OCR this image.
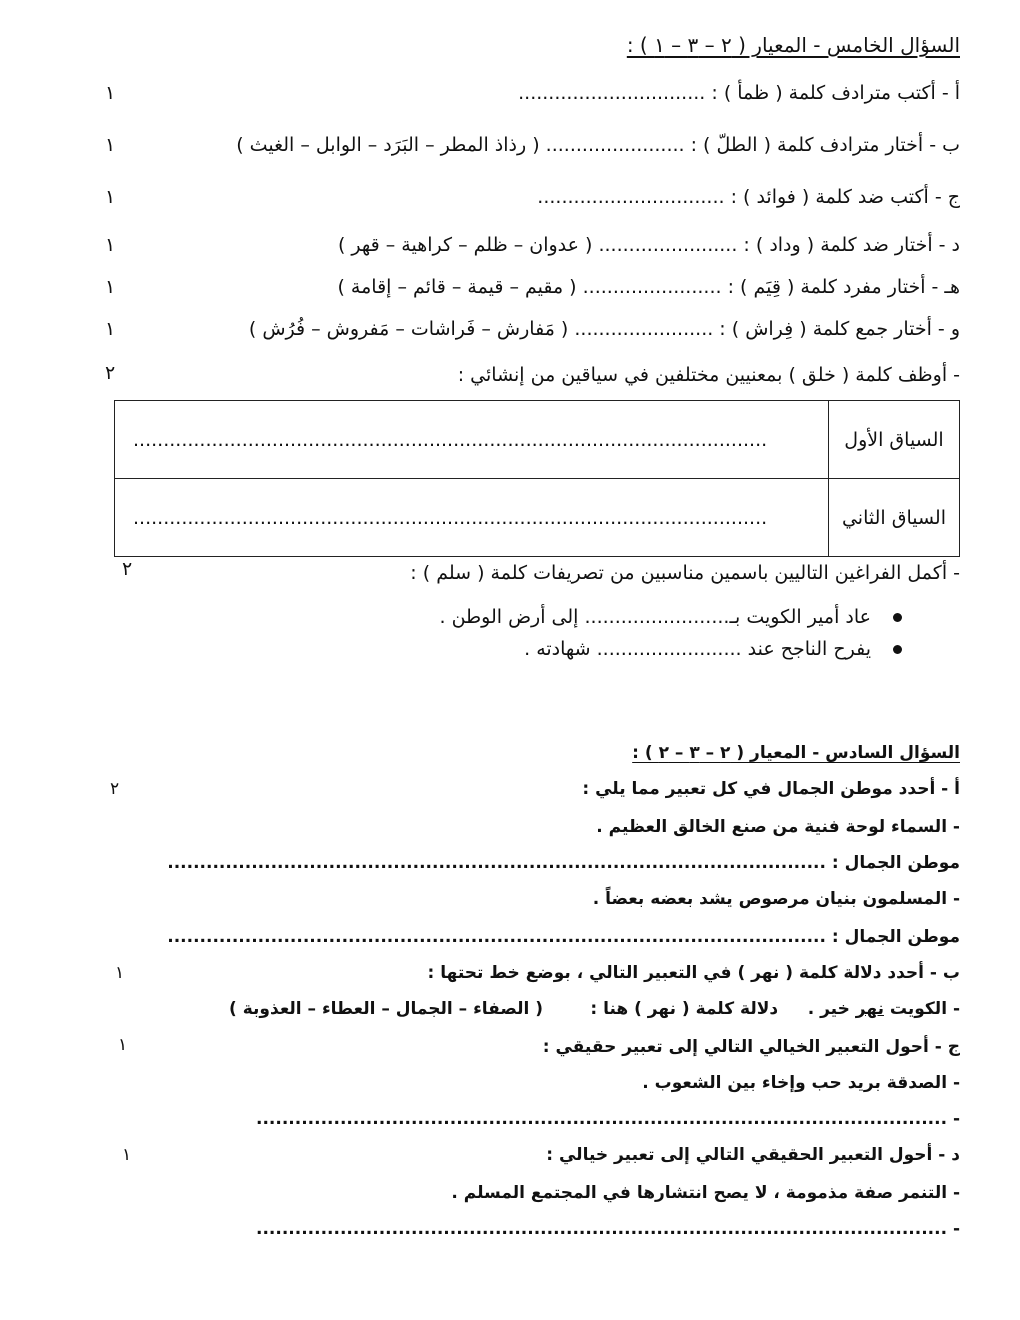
السؤال الخامس - المعيار ( ٢ – ٣ – ١ ) :
أ - أكتب مترادف كلمة ( ظمأ ) : ...............................
١
ب - أختار مترادف كلمة ( الطلّ ) : ....................... ( رذاذ المطر – البَرَد – الوابل – الغيث )
١
ج - أكتب ضد كلمة ( فوائد ) : ...............................
١
د - أختار ضد كلمة ( وداد ) : ....................... ( عدوان – ظلم – كراهية – قهر )
١
هـ - أختار مفرد كلمة ( قِيَم ) : ....................... ( مقيم – قيمة – قائم – إقامة )
١
و - أختار جمع كلمة ( فِراش ) : ....................... ( مَفارش – فَراشات – مَفروش – فُرُش )
١
- أوظف كلمة ( خلق ) بمعنيين مختلفين في سياقين من إنشائي :
٢
السياق الأول	.........................................................................................................
السياق الثاني	.........................................................................................................
- أكمل الفراغين التاليين باسمين مناسبين من تصريفات كلمة ( سلم ) :
٢
عاد أمير الكويت بـ........................ إلى أرض الوطن .
يفرح الناجح عند ........................ شهادته .
السؤال السادس - المعيار ( ٢ – ٣ – ٢ ) :
أ - أحدد موطن الجمال في كل تعبير مما يلي :
٢
- السماء لوحة فنية من صنع الخالق العظيم .
موطن الجمال : ......................................................................................................
- المسلمون بنيان مرصوص يشد بعضه بعضاً .
موطن الجمال : ......................................................................................................
ب - أحدد دلالة كلمة ( نهر ) في التعبير التالي ، بوضع خط تحتها :
١
- الكويت نهر خير .     دلالة كلمة ( نهر ) هنا :        ( الصفاء – الجمال – العطاء – العذوبة )
ج - أحول التعبير الخيالي التالي إلى تعبير حقيقي :
١
- الصدقة بريد حب وإخاء بين الشعوب .
- ...........................................................................................................
د - أحول التعبير الحقيقي التالي إلى تعبير خيالي :
١
- التنمر صفة مذمومة ، لا يصح انتشارها في المجتمع المسلم .
- ...........................................................................................................
